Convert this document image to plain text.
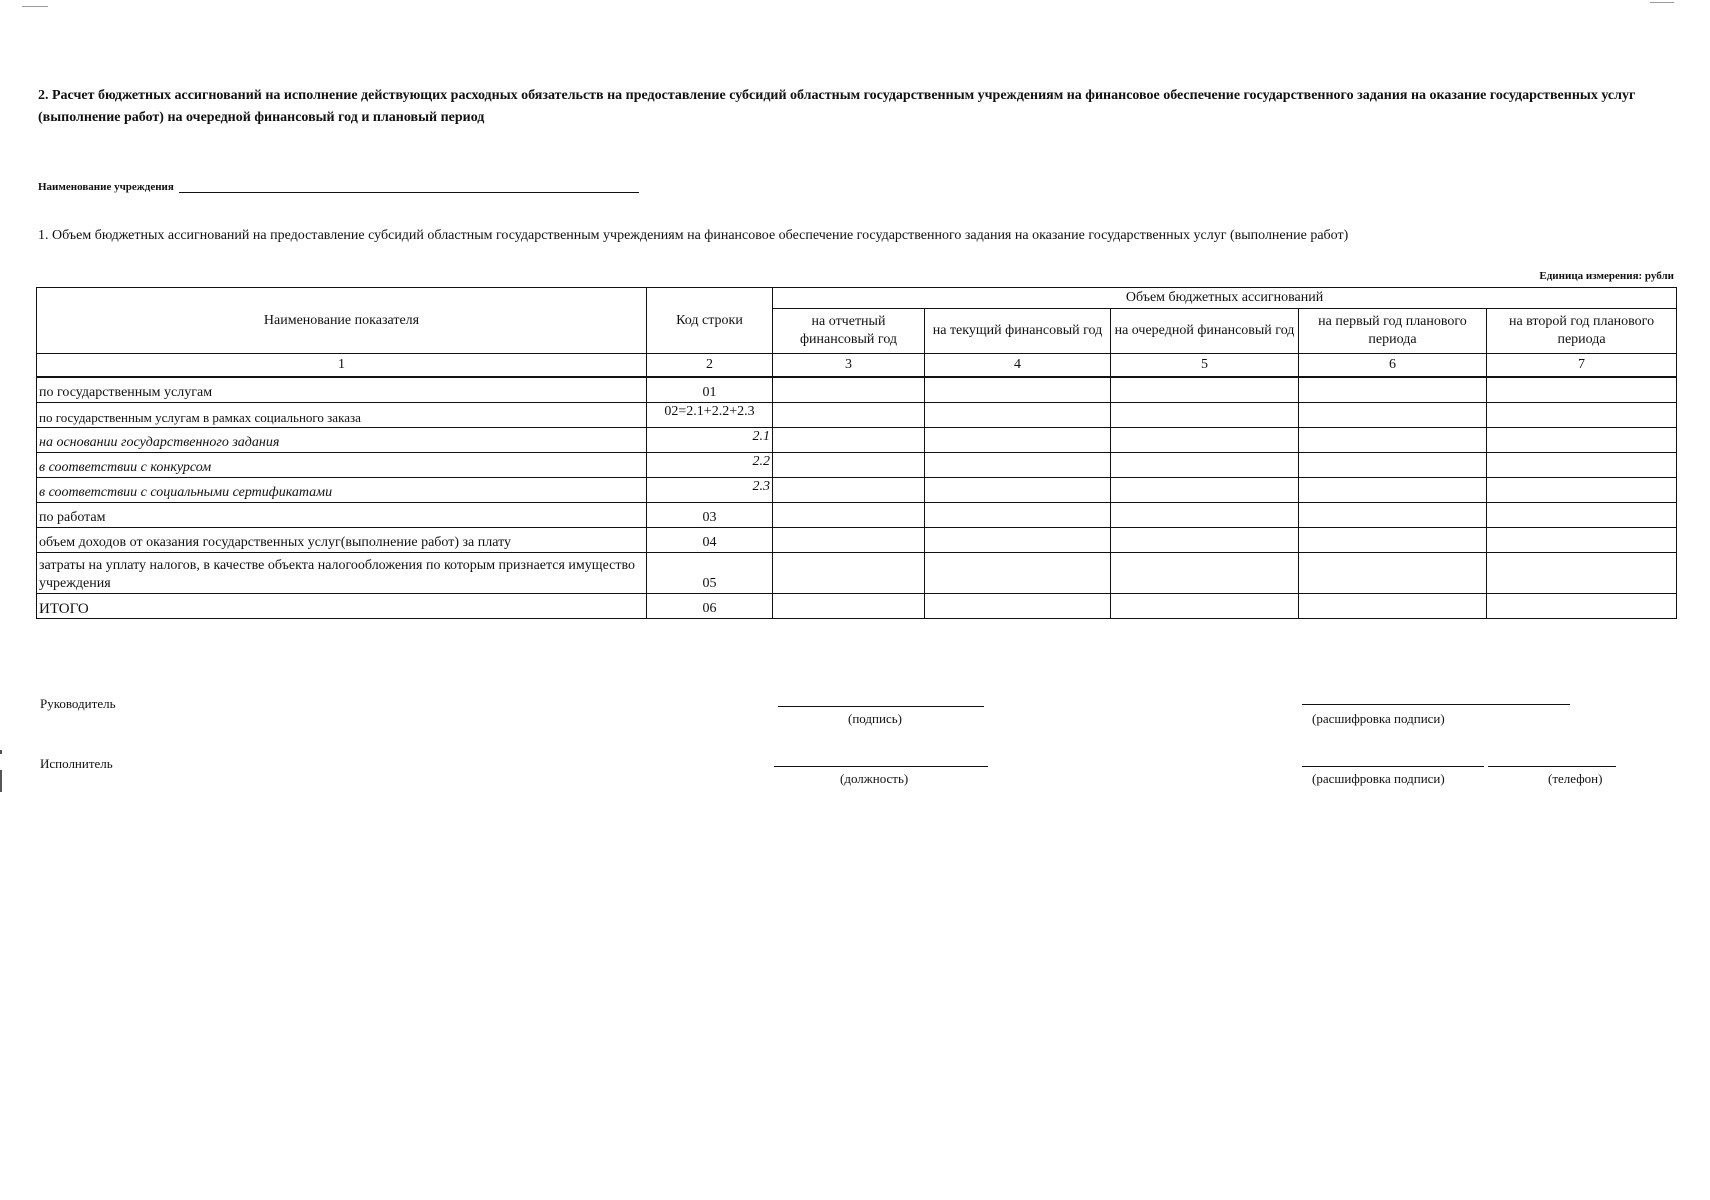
2. Расчет бюджетных ассигнований на исполнение действующих расходных обязательств на предоставление субсидий областным государственным учреждениям на финансовое обеспечение государственного задания на оказание государственных услуг (выполнение работ) на очередной финансовый год и плановый период
Наименование учреждения
1. Объем бюджетных ассигнований на предоставление субсидий областным государственным учреждениям на финансовое обеспечение государственного задания на оказание государственных услуг (выполнение работ)
Единица измерения: рубли
Наименование показателя	Код строки	Объем бюджетных ассигнований				
		на отчетный финансовый год	на текущий финансовый год	на очередной финансовый год	на первый год планового периода	на второй год планового периода
1	2	3	4	5	6	7
по государственным услугам	01					
по государственным услугам в рамках социального заказа	02=2.1+2.2+2.3					
на основании государственного задания	2.1					
в соответствии с конкурсом	2.2					
в соответствии с социальными сертификатами	2.3					
по работам	03					
объем доходов от оказания государственных услуг(выполнение работ) за плату	04					
затраты на уплату налогов, в качестве объекта налогообложения по которым признается имущество учреждения	05					
ИТОГО	06					
Руководитель
(подпись)	(расшифровка подписи)
Исполнитель
(должность)	(расшифровка подписи)	(телефон)
